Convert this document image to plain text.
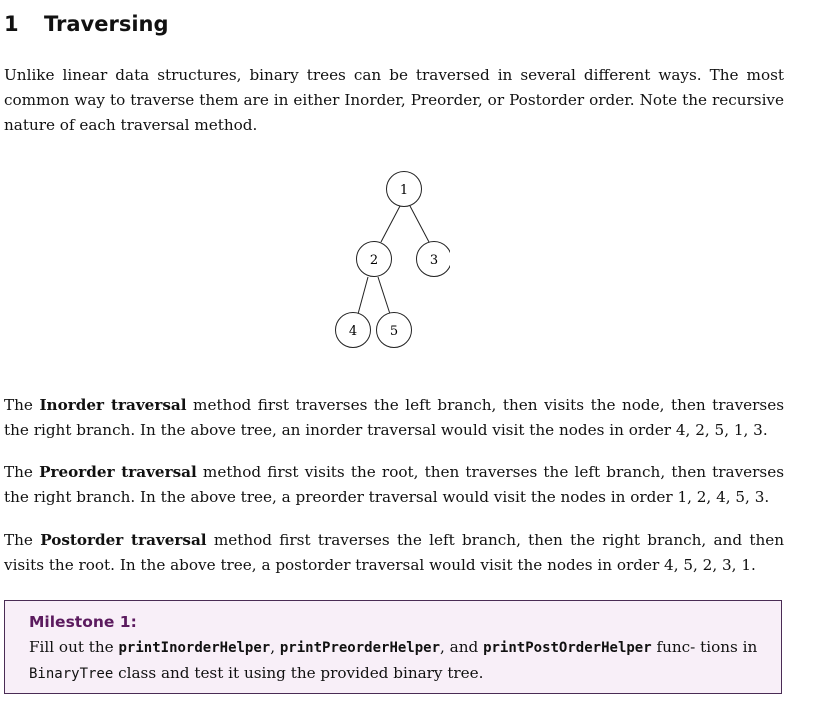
1 Traversing

Unlike linear data structures, binary trees can be traversed in several different ways. The most common way to traverse them are in either Inorder, Preorder, or Postorder order. Note the recursive nature of each traversal method.

1
2	3
4	5

The Inorder traversal method first traverses the left branch, then visits the node, then traverses the right branch. In the above tree, an inorder traversal would visit the nodes in order 4, 2, 5, 1, 3.

The Preorder traversal method first visits the root, then traverses the left branch, then traverses the right branch. In the above tree, a preorder traversal would visit the nodes in order 1, 2, 4, 5, 3.

The Postorder traversal method first traverses the left branch, then the right branch, and then visits the root. In the above tree, a postorder traversal would visit the nodes in order 4, 5, 2, 3, 1.

Milestone 1:
Fill out the printInorderHelper, printPreorderHelper, and printPostOrderHelper func- tions in BinaryTree class and test it using the provided binary tree.
